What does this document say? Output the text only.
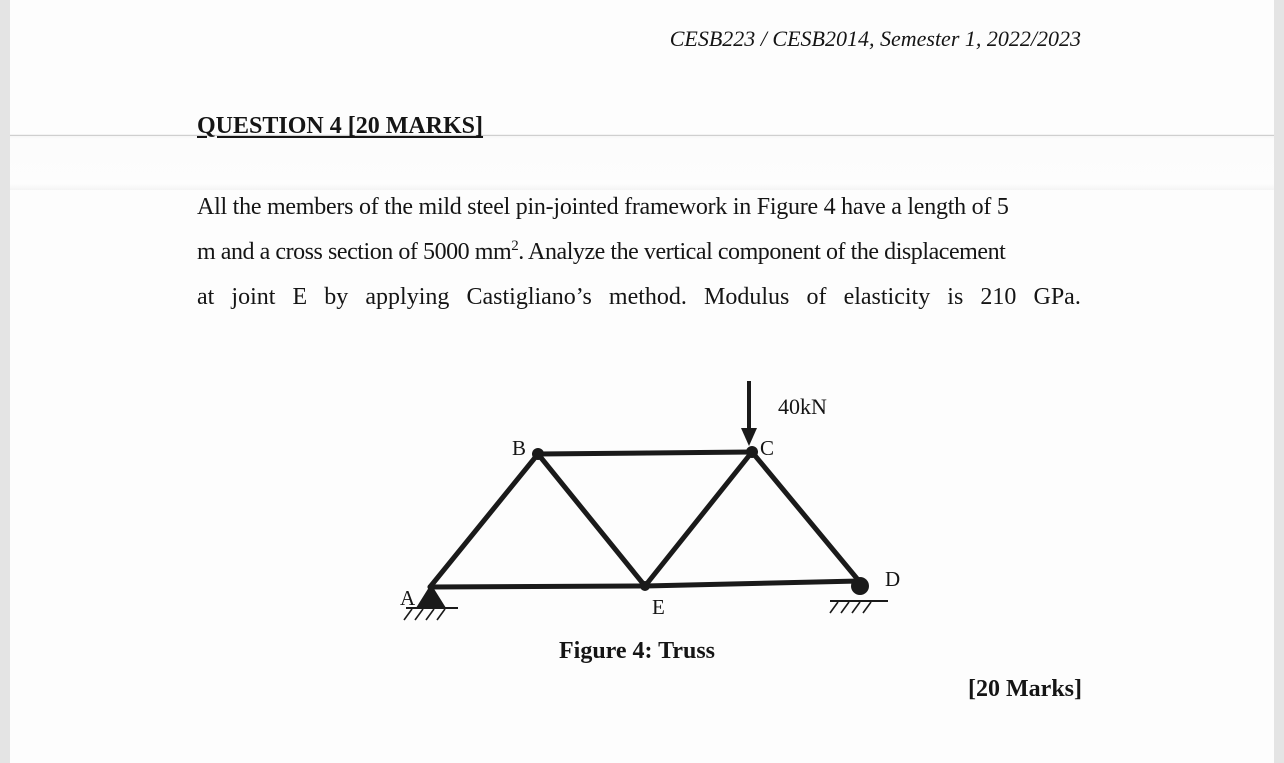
CESB223 / CESB2014, Semester 1, 2022/2023
QUESTION 4 [20 MARKS]
All the members of the mild steel pin-jointed framework in Figure 4 have a length of 5
m and a cross section of 5000 $mm^2$. Analyze the vertical component of the displacement
at joint E by applying Castigliano’s method. Modulus of elasticity is 210 GPa.
40kN
B	C
A
D
E
Figure 4: Truss
[20 Marks]
